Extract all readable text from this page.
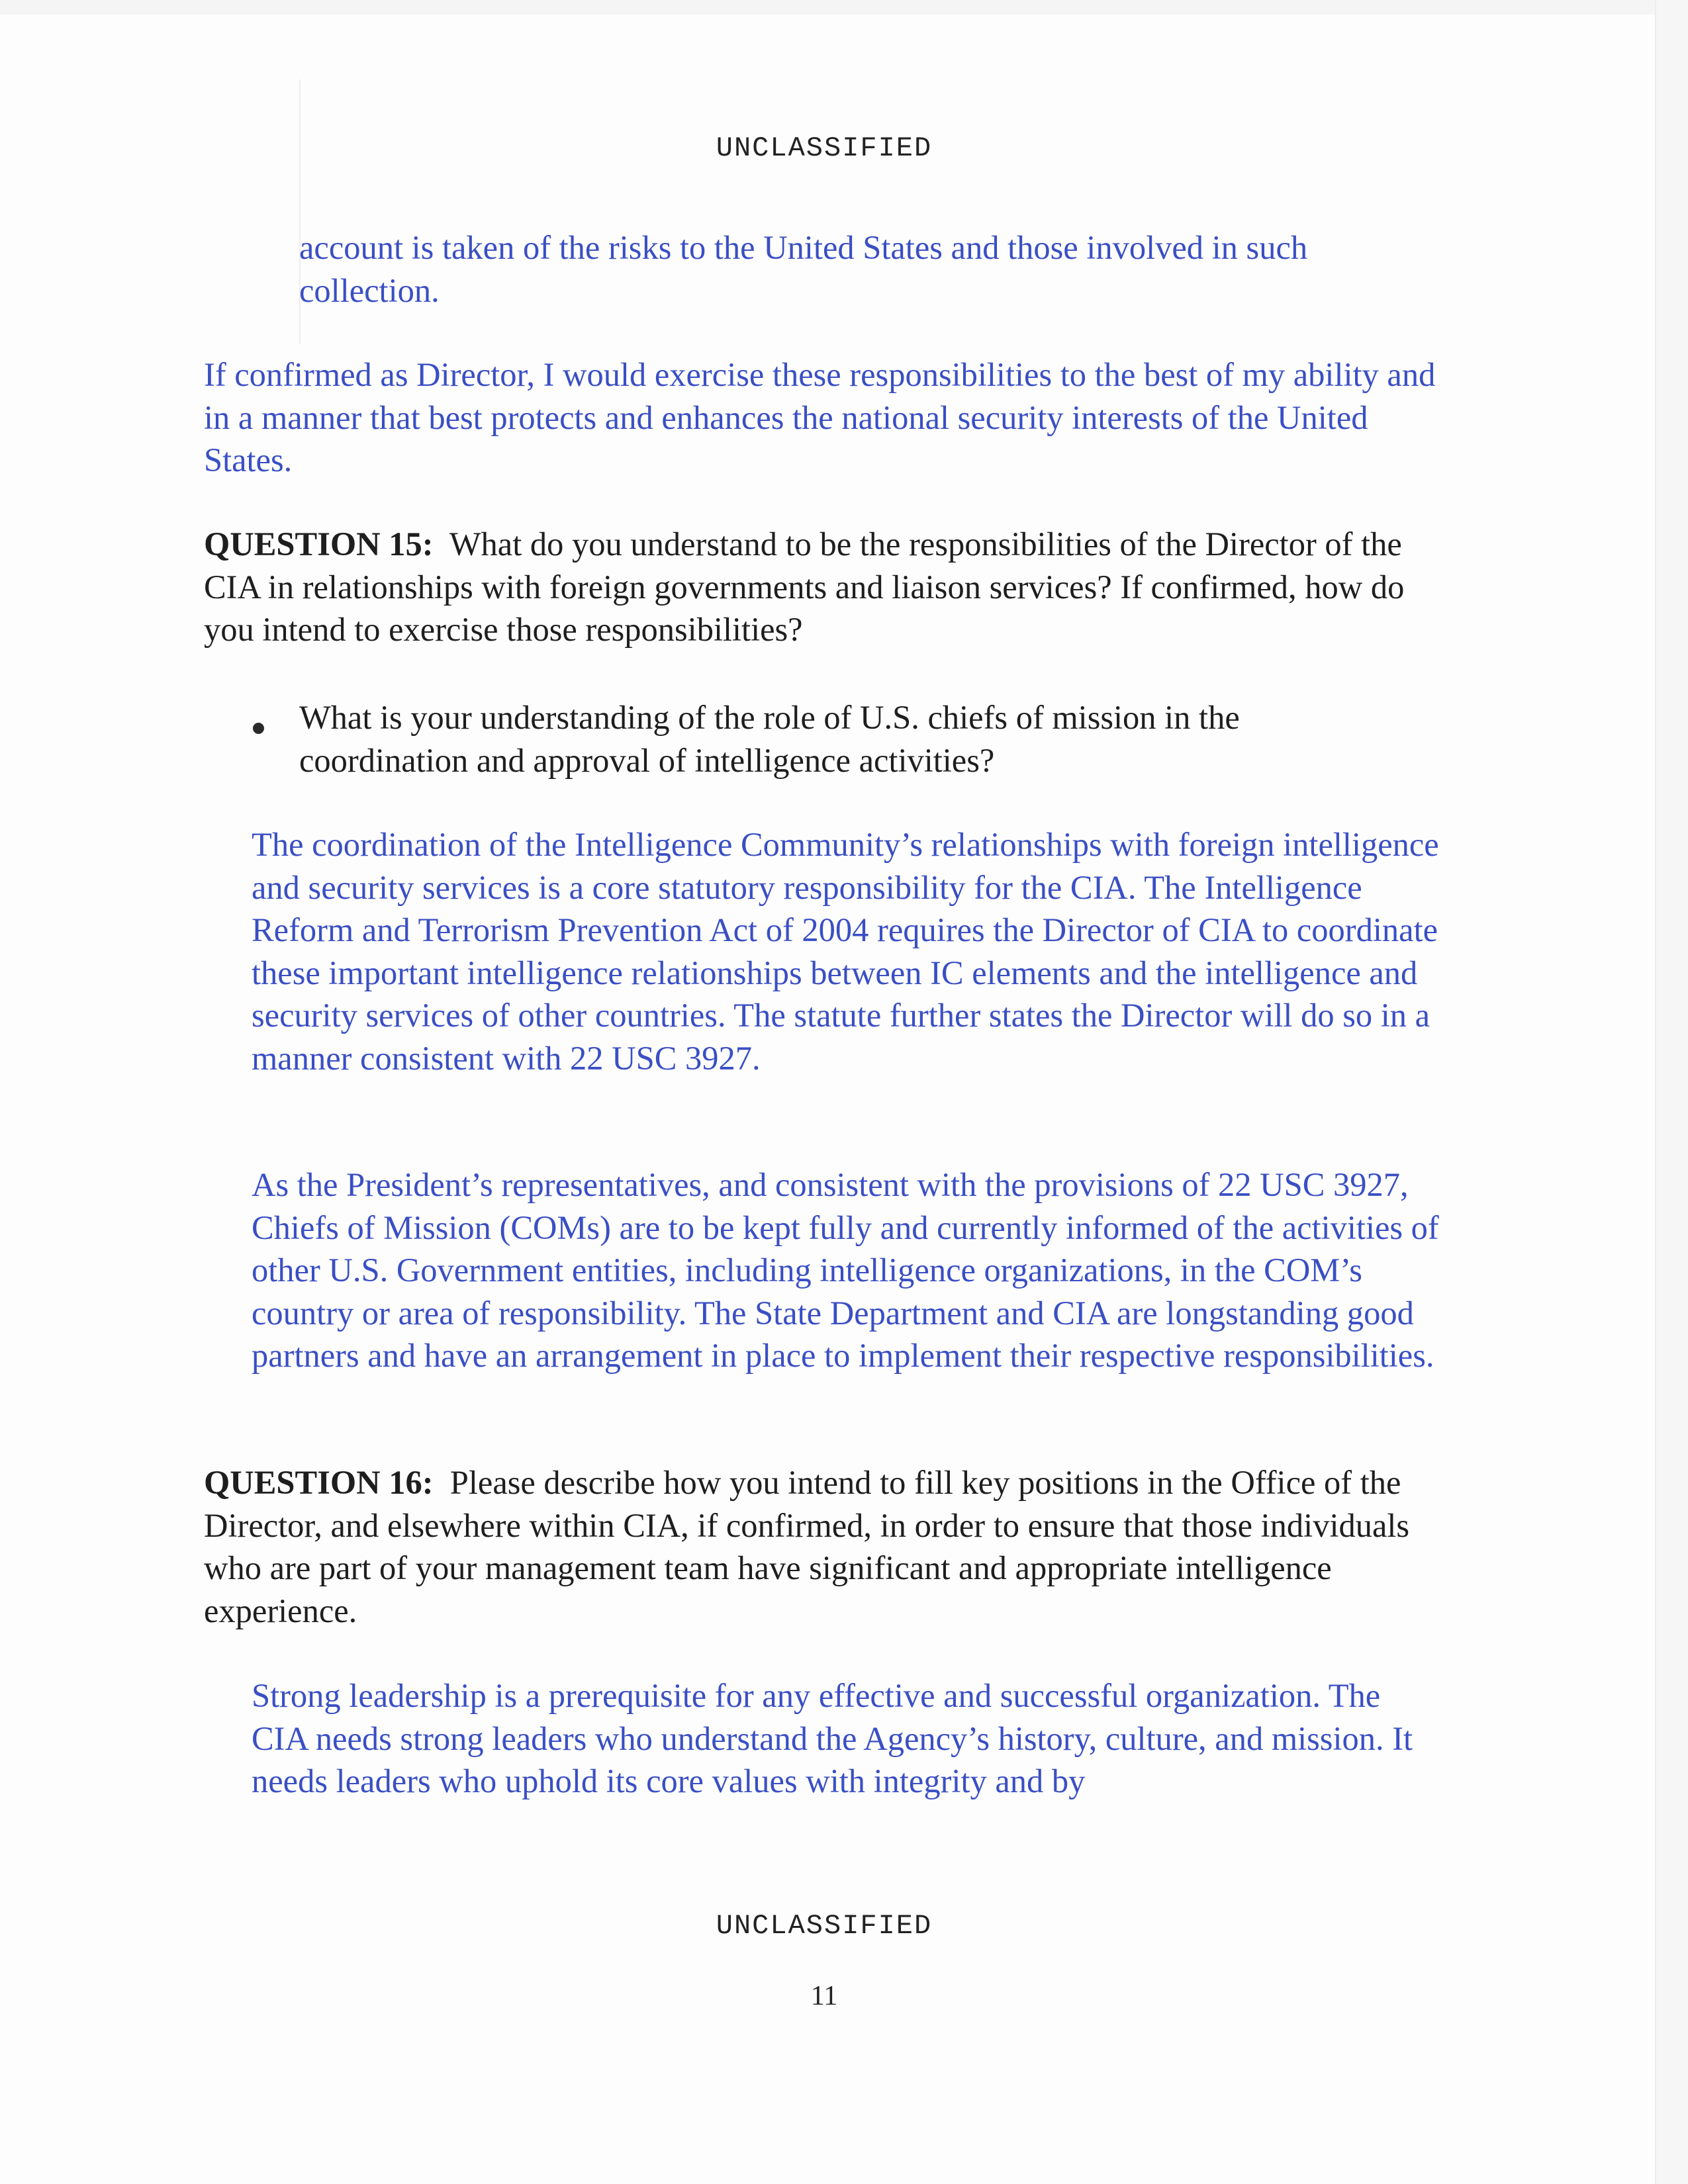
UNCLASSIFIED

account is taken of the risks to the United States and those involved in such collection.

If confirmed as Director, I would exercise these responsibilities to the best of my ability and in a manner that best protects and enhances the national security interests of the United States.

QUESTION 15: What do you understand to be the responsibilities of the Director of the CIA in relationships with foreign governments and liaison services? If confirmed, how do you intend to exercise those responsibilities?

What is your understanding of the role of U.S. chiefs of mission in the coordination and approval of intelligence activities?

The coordination of the Intelligence Community’s relationships with foreign intelligence and security services is a core statutory responsibility for the CIA. The Intelligence Reform and Terrorism Prevention Act of 2004 requires the Director of CIA to coordinate these important intelligence relationships between IC elements and the intelligence and security services of other countries. The statute further states the Director will do so in a manner consistent with 22 USC 3927.

As the President’s representatives, and consistent with the provisions of 22 USC 3927, Chiefs of Mission (COMs) are to be kept fully and currently informed of the activities of other U.S. Government entities, including intelligence organizations, in the COM’s country or area of responsibility. The State Department and CIA are longstanding good partners and have an arrangement in place to implement their respective responsibilities.

QUESTION 16: Please describe how you intend to fill key positions in the Office of the Director, and elsewhere within CIA, if confirmed, in order to ensure that those individuals who are part of your management team have significant and appropriate intelligence experience.

Strong leadership is a prerequisite for any effective and successful organization. The CIA needs strong leaders who understand the Agency’s history, culture, and mission. It needs leaders who uphold its core values with integrity and by

UNCLASSIFIED
11
